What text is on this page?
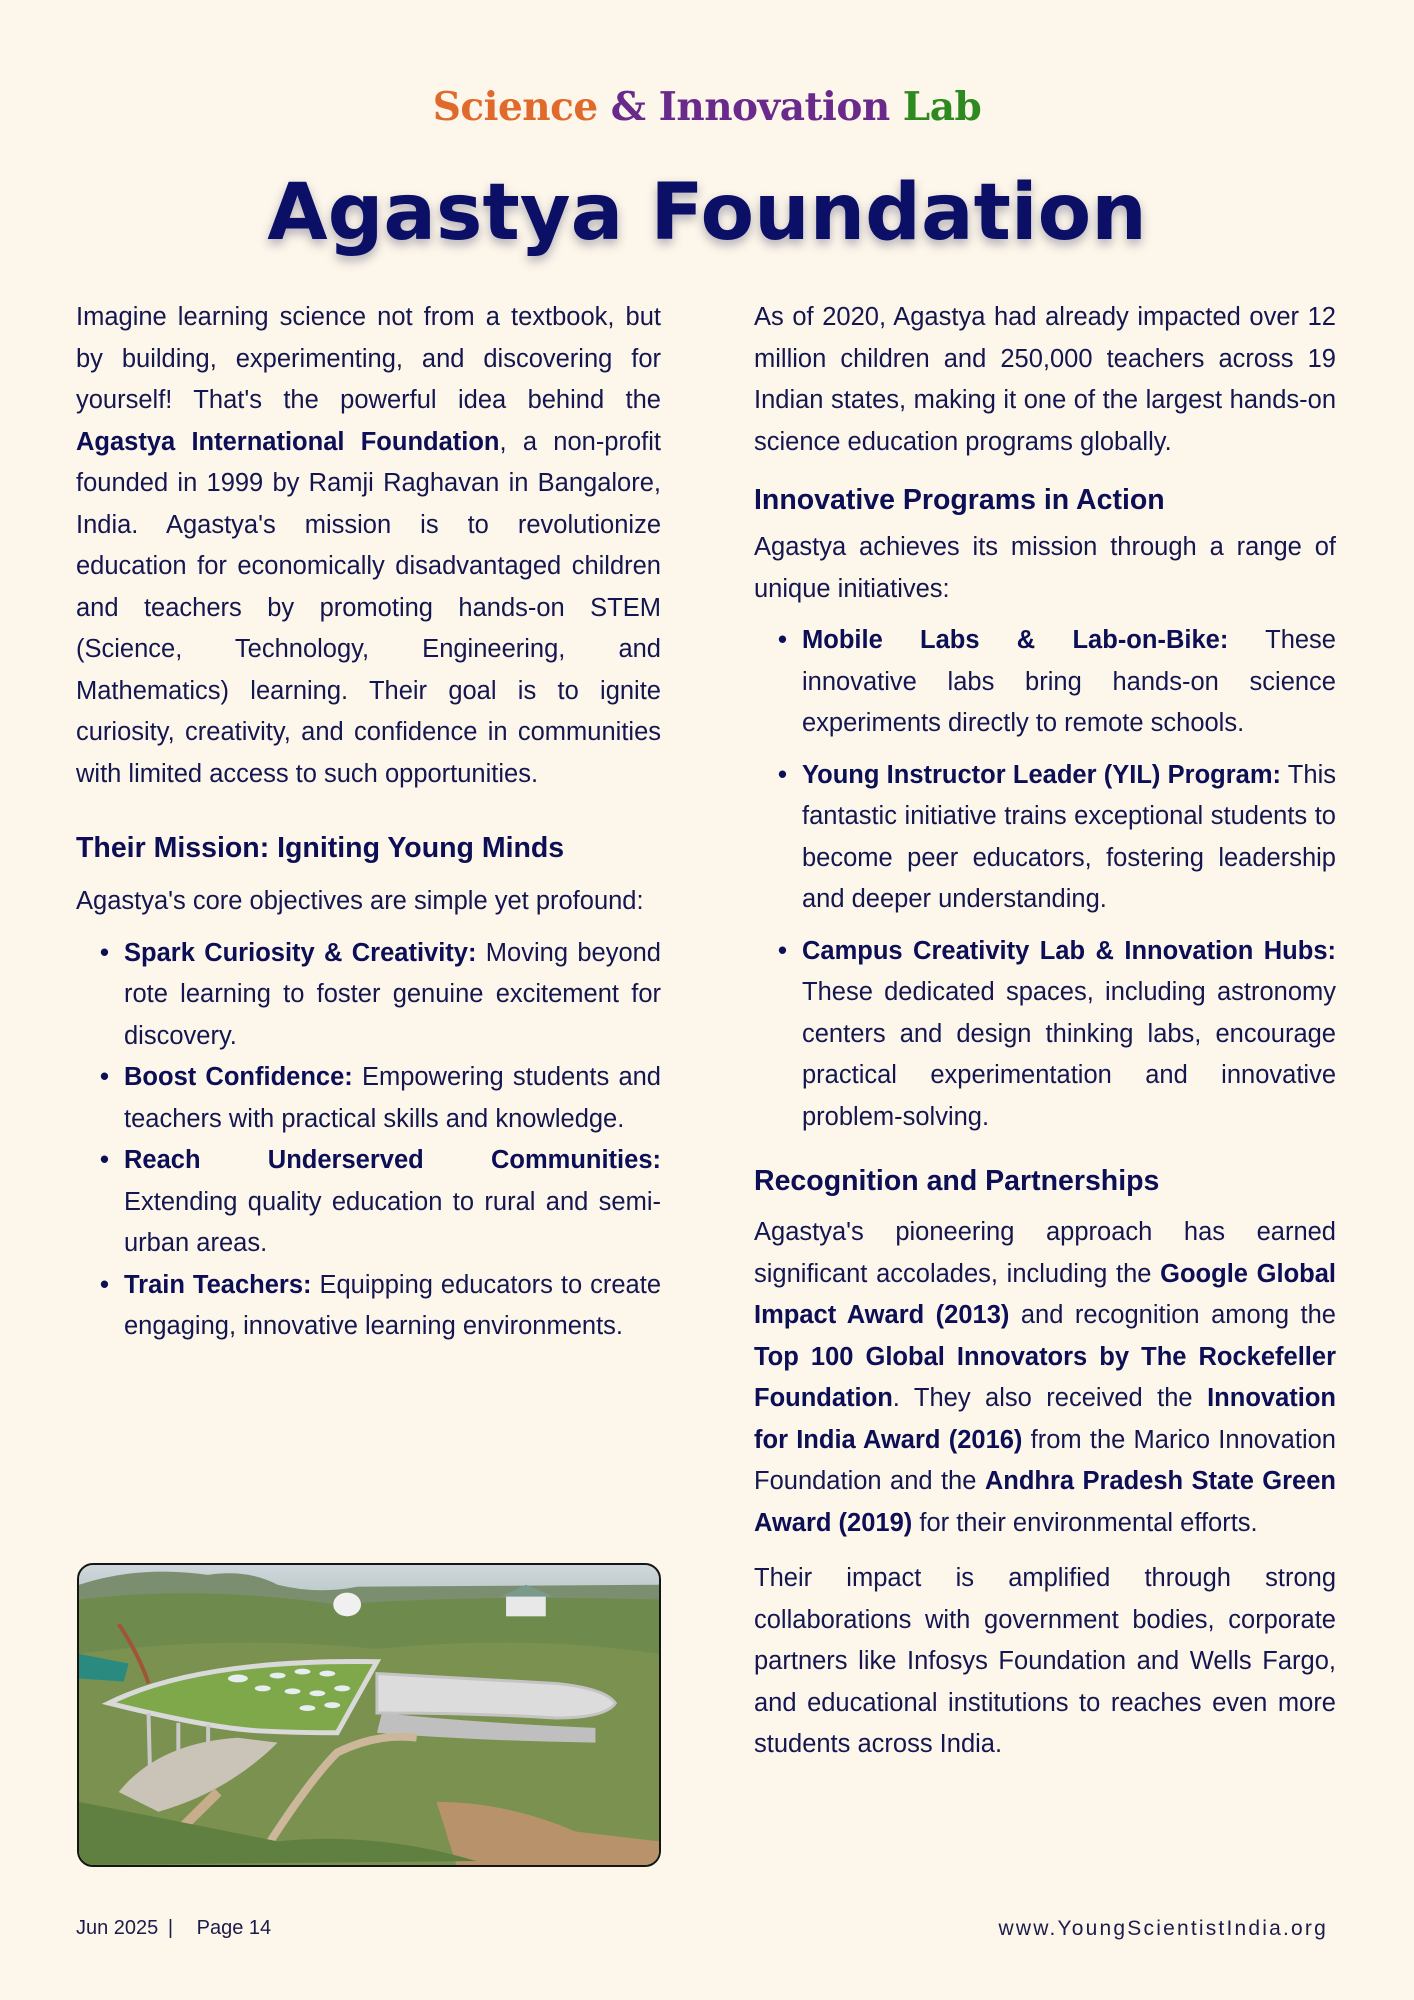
Science & Innovation Lab
Agastya Foundation

Imagine learning science not from a textbook, but by building, experimenting, and discovering for yourself! That's the powerful idea behind the Agastya International Foundation, a non-profit founded in 1999 by Ramji Raghavan in Bangalore, India. Agastya's mission is to revolutionize education for economically disadvantaged children and teachers by promoting hands-on STEM (Science, Technology, Engineering, and Mathematics) learning. Their goal is to ignite curiosity, creativity, and confidence in communities with limited access to such opportunities.

Their Mission: Igniting Young Minds

Agastya's core objectives are simple yet profound:

• Spark Curiosity & Creativity: Moving beyond rote learning to foster genuine excitement for discovery.
• Boost Confidence: Empowering students and teachers with practical skills and knowledge.
• Reach Underserved Communities: Extending quality education to rural and semi-urban areas.
• Train Teachers: Equipping educators to create engaging, innovative learning environments.

As of 2020, Agastya had already impacted over 12 million children and 250,000 teachers across 19 Indian states, making it one of the largest hands-on science education programs globally.

Innovative Programs in Action

Agastya achieves its mission through a range of unique initiatives:

• Mobile Labs & Lab-on-Bike: These innovative labs bring hands-on science experiments directly to remote schools.
• Young Instructor Leader (YIL) Program: This fantastic initiative trains exceptional students to become peer educators, fostering leadership and deeper understanding.
• Campus Creativity Lab & Innovation Hubs: These dedicated spaces, including astronomy centers and design thinking labs, encourage practical experimentation and innovative problem-solving.
Recognition and Partnerships

Agastya's pioneering approach has earned significant accolades, including the Google Global Impact Award (2013) and recognition among the Top 100 Global Innovators by The Rockefeller Foundation. They also received the Innovation for India Award (2016) from the Marico Innovation Foundation and the Andhra Pradesh State Green Award (2019) for their environmental efforts.

Their impact is amplified through strong collaborations with government bodies, corporate partners like Infosys Foundation and Wells Fargo, and educational institutions to reaches even more students across India.

Jun 2025 | Page 14	www.YoungScientistIndia.org
